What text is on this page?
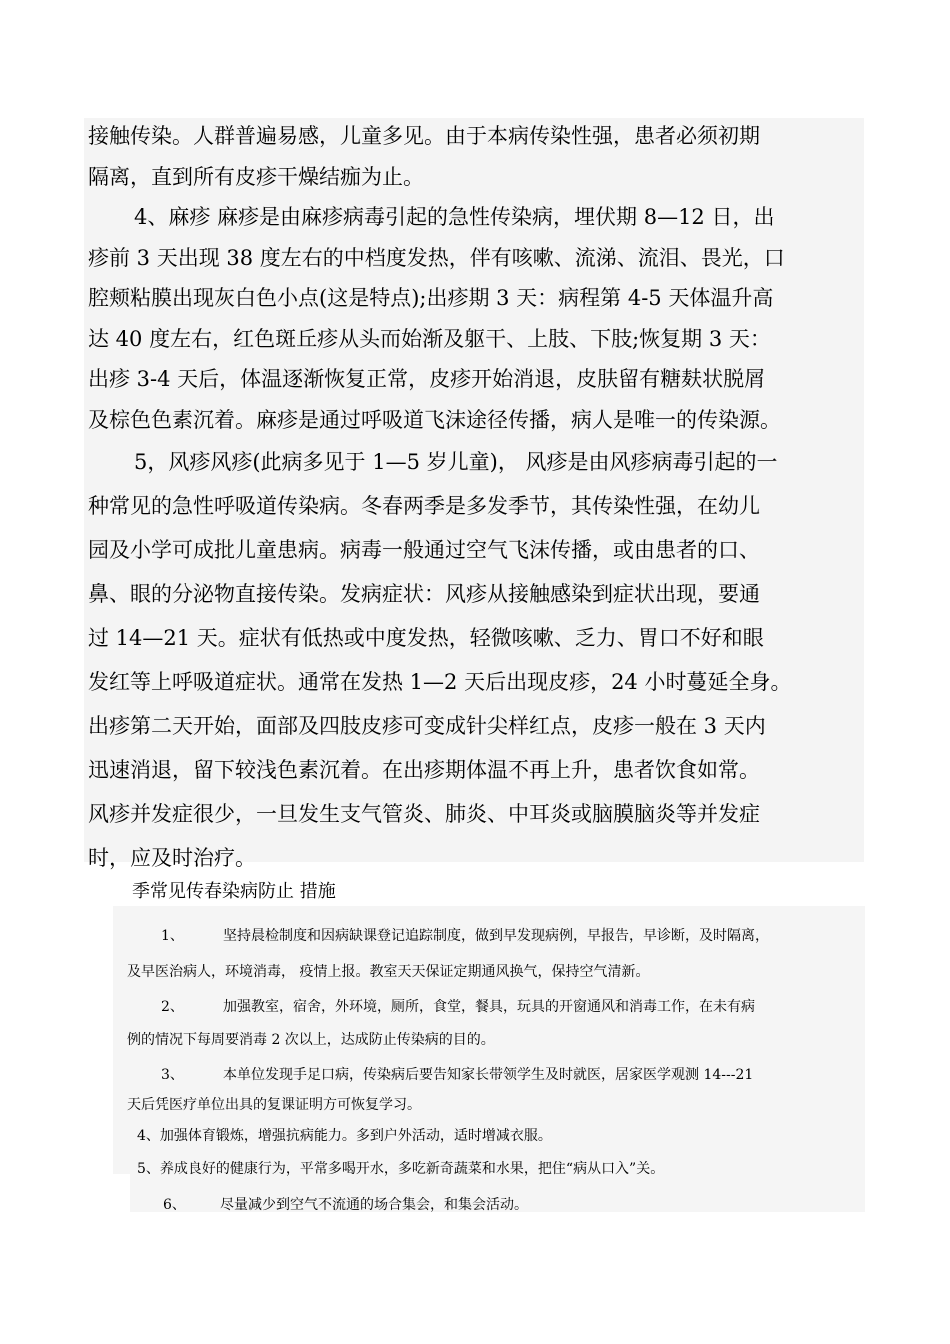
接触传染。人群普遍易感，儿童多见。由于本病传染性强，患者必须初期

隔离，直到所有皮疹干燥结痂为止。

4、麻疹 麻疹是由麻疹病毒引起的急性传染病，埋伏期 8—12 日，出

疹前 3 天出现 38 度左右的中档度发热，伴有咳嗽、流涕、流泪、畏光，口

腔颊粘膜出现灰白色小点(这是特点);出疹期 3 天：病程第 4-5 天体温升高

达 40 度左右，红色斑丘疹从头而始渐及躯干、上肢、下肢;恢复期 3 天：

出疹 3-4 天后，体温逐渐恢复正常，皮疹开始消退，皮肤留有糖麸状脱屑

及棕色色素沉着。麻疹是通过呼吸道飞沫途径传播，病人是唯一的传染源。

5，风疹风疹(此病多见于 1—5 岁儿童)， 风疹是由风疹病毒引起的一

种常见的急性呼吸道传染病。冬春两季是多发季节，其传染性强，在幼儿

园及小学可成批儿童患病。病毒一般通过空气飞沫传播，或由患者的口、

鼻、眼的分泌物直接传染。发病症状：风疹从接触感染到症状出现，要通

过 14—21 天。症状有低热或中度发热，轻微咳嗽、乏力、胃口不好和眼

发红等上呼吸道症状。通常在发热 1—2 天后出现皮疹，24 小时蔓延全身。

出疹第二天开始，面部及四肢皮疹可变成针尖样红点，皮疹一般在 3 天内

迅速消退，留下较浅色素沉着。在出疹期体温不再上升，患者饮食如常。

风疹并发症很少，一旦发生支气管炎、肺炎、中耳炎或脑膜脑炎等并发症

时，应及时治疗。

季常见传春染病防止 措施
1、	坚持晨检制度和因病缺课登记追踪制度，做到早发现病例，早报告，早诊断，及时隔离，
及早医治病人，环境消毒， 疫情上报。教室天天保证定期通风换气，保持空气清新。
2、	加强教室，宿舍，外环境，厕所，食堂，餐具，玩具的开窗通风和消毒工作，在未有病
例的情况下每周要消毒 2 次以上，达成防止传染病的目的。
3、	本单位发现手足口病，传染病后要告知家长带领学生及时就医，居家医学观测 14---21
天后凭医疗单位出具的复课证明方可恢复学习。
4、加强体育锻炼，增强抗病能力。多到户外活动，适时增减衣服。
5、养成良好的健康行为，平常多喝开水，多吃新奇蔬菜和水果，把住“病从口入”关。
6、 尽量减少到空气不流通的场合集会，和集会活动。
